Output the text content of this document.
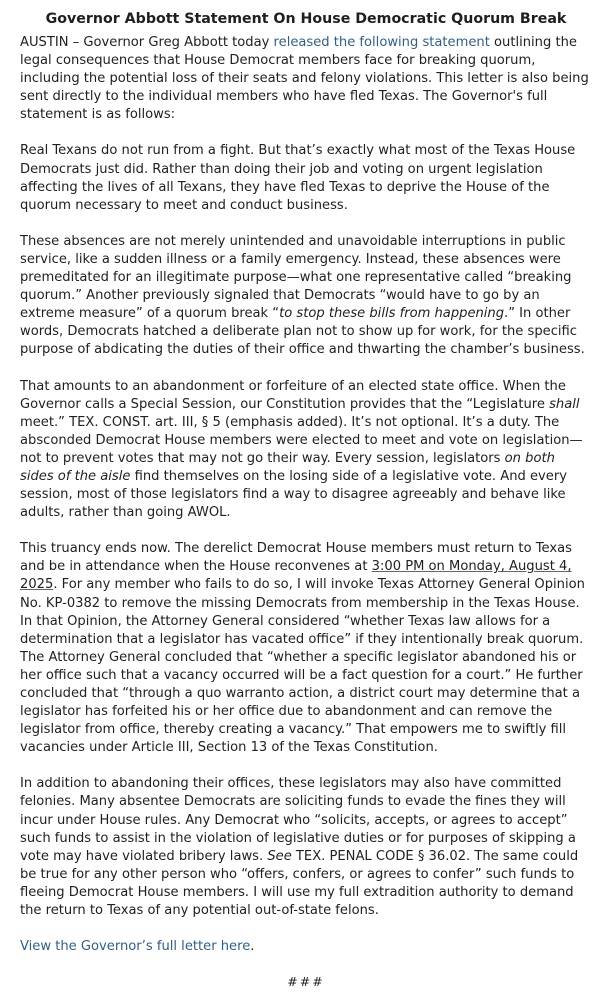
Governor Abbott Statement On House Democratic Quorum Break

AUSTIN – Governor Greg Abbott today released the following statement outlining the legal consequences that House Democrat members face for breaking quorum, including the potential loss of their seats and felony violations. This letter is also being sent directly to the individual members who have fled Texas. The Governor's full statement is as follows:

Real Texans do not run from a fight. But that’s exactly what most of the Texas House Democrats just did. Rather than doing their job and voting on urgent legislation affecting the lives of all Texans, they have fled Texas to deprive the House of the quorum necessary to meet and conduct business.

These absences are not merely unintended and unavoidable interruptions in public service, like a sudden illness or a family emergency. Instead, these absences were premeditated for an illegitimate purpose—what one representative called “breaking quorum.” Another previously signaled that Democrats “would have to go by an extreme measure” of a quorum break “to stop these bills from happening.” In other words, Democrats hatched a deliberate plan not to show up for work, for the specific purpose of abdicating the duties of their office and thwarting the chamber’s business.

That amounts to an abandonment or forfeiture of an elected state office. When the Governor calls a Special Session, our Constitution provides that the “Legislature shall meet.” TEX. CONST. art. III, § 5 (emphasis added). It’s not optional. It’s a duty. The absconded Democrat House members were elected to meet and vote on legislation—not to prevent votes that may not go their way. Every session, legislators on both sides of the aisle find themselves on the losing side of a legislative vote. And every session, most of those legislators find a way to disagree agreeably and behave like adults, rather than going AWOL.

This truancy ends now. The derelict Democrat House members must return to Texas and be in attendance when the House reconvenes at 3:00 PM on Monday, August 4, 2025. For any member who fails to do so, I will invoke Texas Attorney General Opinion No. KP-0382 to remove the missing Democrats from membership in the Texas House. In that Opinion, the Attorney General considered “whether Texas law allows for a determination that a legislator has vacated office” if they intentionally break quorum. The Attorney General concluded that “whether a specific legislator abandoned his or her office such that a vacancy occurred will be a fact question for a court.” He further concluded that “through a quo warranto action, a district court may determine that a legislator has forfeited his or her office due to abandonment and can remove the legislator from office, thereby creating a vacancy.” That empowers me to swiftly fill vacancies under Article III, Section 13 of the Texas Constitution.

In addition to abandoning their offices, these legislators may also have committed felonies. Many absentee Democrats are soliciting funds to evade the fines they will incur under House rules. Any Democrat who “solicits, accepts, or agrees to accept” such funds to assist in the violation of legislative duties or for purposes of skipping a vote may have violated bribery laws. See TEX. PENAL CODE § 36.02. The same could be true for any other person who “offers, confers, or agrees to confer” such funds to fleeing Democrat House members. I will use my full extradition authority to demand the return to Texas of any potential out-of-state felons.

View the Governor’s full letter here.

###
